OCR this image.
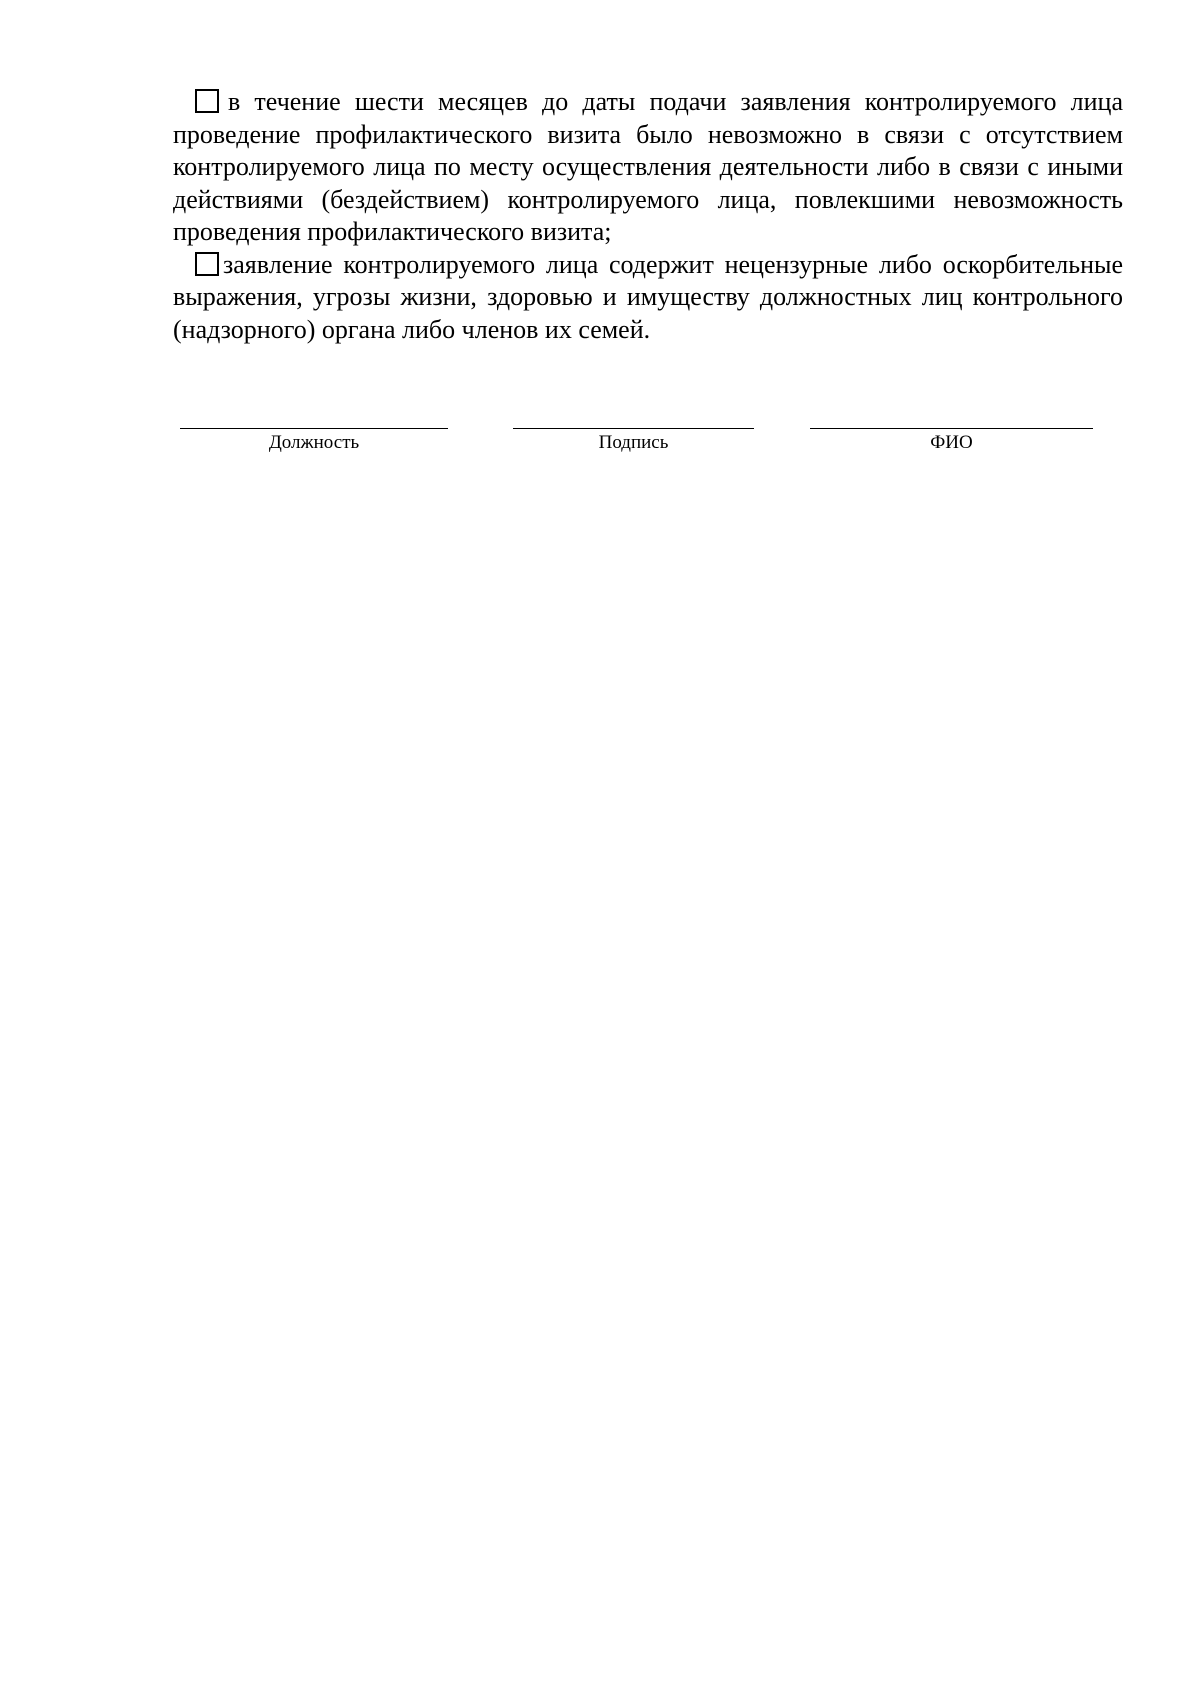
в течение шести месяцев до даты подачи заявления контролируемого лица проведение профилактического визита было невозможно в связи с отсутствием контролируемого лица по месту осуществления деятельности либо в связи с иными действиями (бездействием) контролируемого лица, повлекшими невозможность проведения профилактического визита;

заявление контролируемого лица содержит нецензурные либо оскорбительные выражения, угрозы жизни, здоровью и имуществу должностных лиц контрольного (надзорного) органа либо членов их семей.

Должность	Подпись	ФИО
